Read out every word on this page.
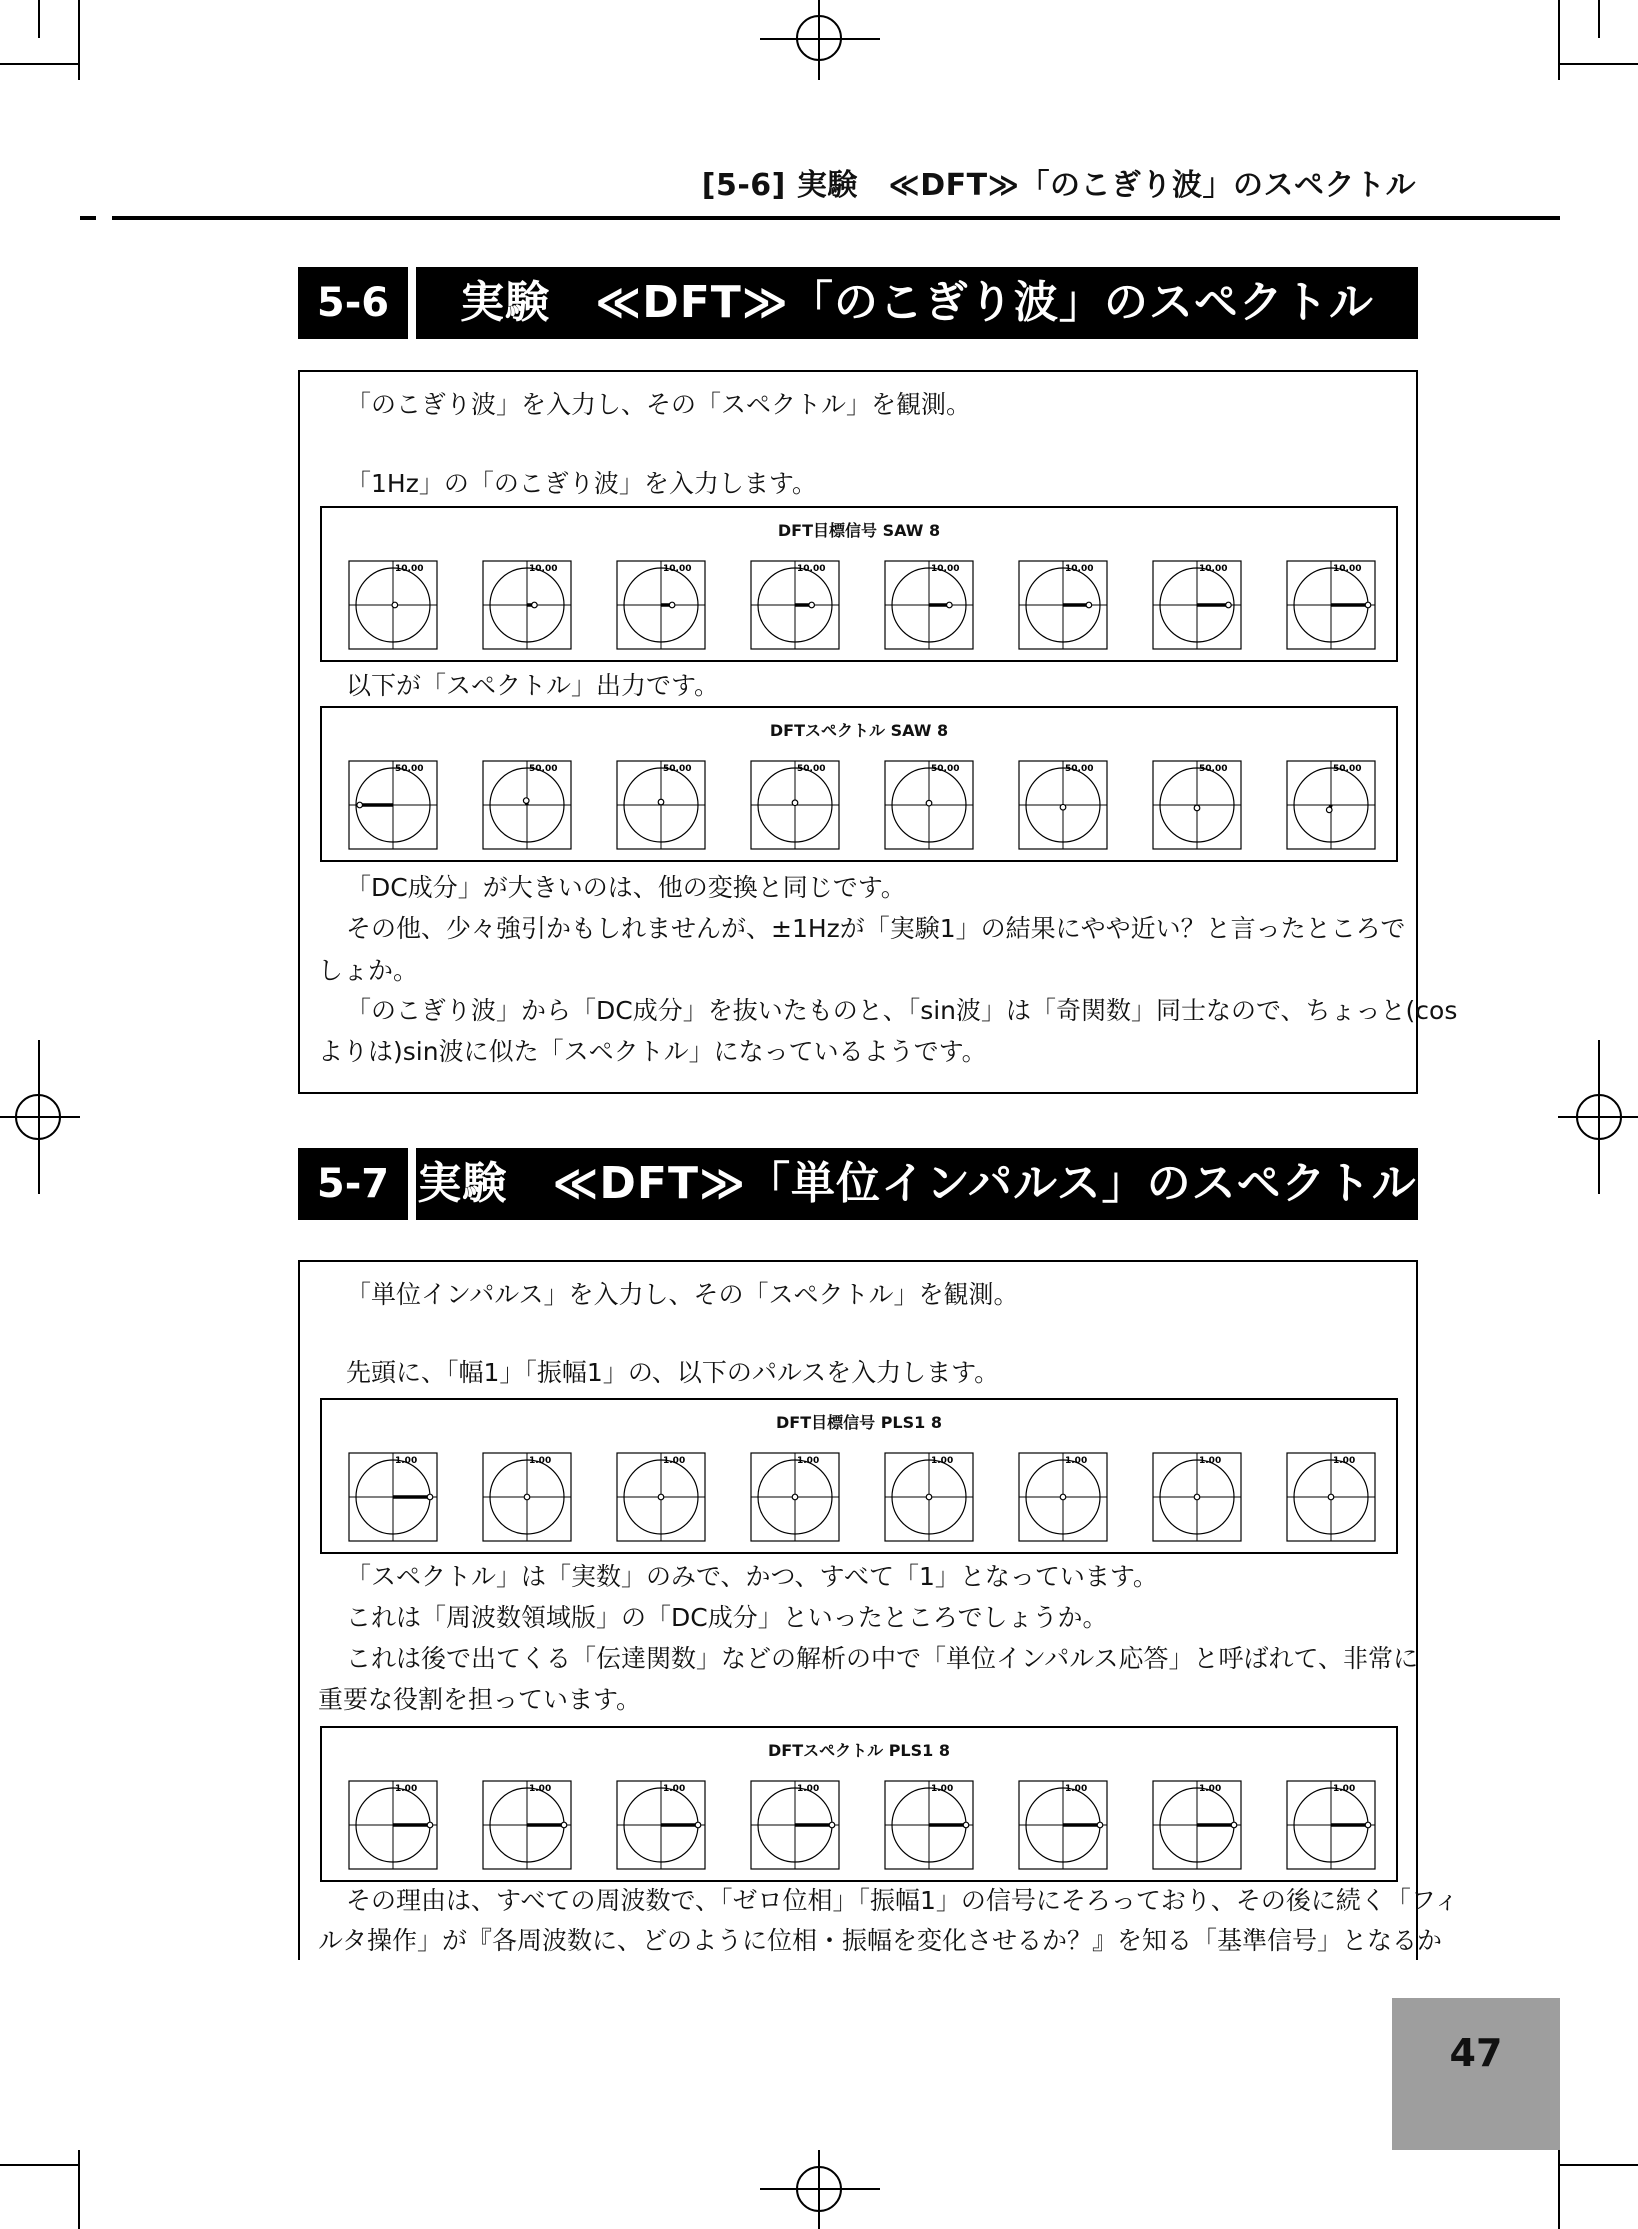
[5-6] 実験　≪DFT≫「のこぎり波」のスペクトル
5-6	実験　≪DFT≫「のこぎり波」のスペクトル
「のこぎり波」を入力し、その「スペクトル」を観測。
「1Hz」の「のこぎり波」を入力します。
DFT目標信号 SAW 8
10.00	10.00	10.00	10.00	10.00	10.00	10.00	10.00
以下が「スペクトル」出力です。
DFTスペクトル SAW 8
50.00	50.00	50.00	50.00	50.00	50.00	50.00	50.00
「DC成分」が大きいのは、他の変換と同じです。
その他、少々強引かもしれませんが、±1Hzが「実験1」の結果にやや近い？と言ったところで
しょか。
「のこぎり波」から「DC成分」を抜いたものと、「sin波」は「奇関数」同士なので、ちょっと(cos
よりは)sin波に似た「スペクトル」になっているようです。
5-7 実験　≪DFT≫「単位インパルス」のスペクトル
「単位インパルス」を入力し、その「スペクトル」を観測。
先頭に、「幅1」「振幅1」の、以下のパルスを入力します。
DFT目標信号 PLS1 8
1.00	1.00	1.00	1.00	1.00	1.00	1.00	1.00
「スペクトル」は「実数」のみで、かつ、すべて「1」となっています。
これは「周波数領域版」の「DC成分」といったところでしょうか。
これは後で出てくる「伝達関数」などの解析の中で「単位インパルス応答」と呼ばれて、非常に
重要な役割を担っています。
DFTスペクトル PLS1 8
1.00	1.00	1.00	1.00	1.00	1.00	1.00	1.00
その理由は、すべての周波数で、「ゼロ位相」「振幅1」の信号にそろっており、その後に続く「フィ
ルタ操作」が『各周波数に、どのように位相・振幅を変化させるか？』を知る「基準信号」となるか
47
